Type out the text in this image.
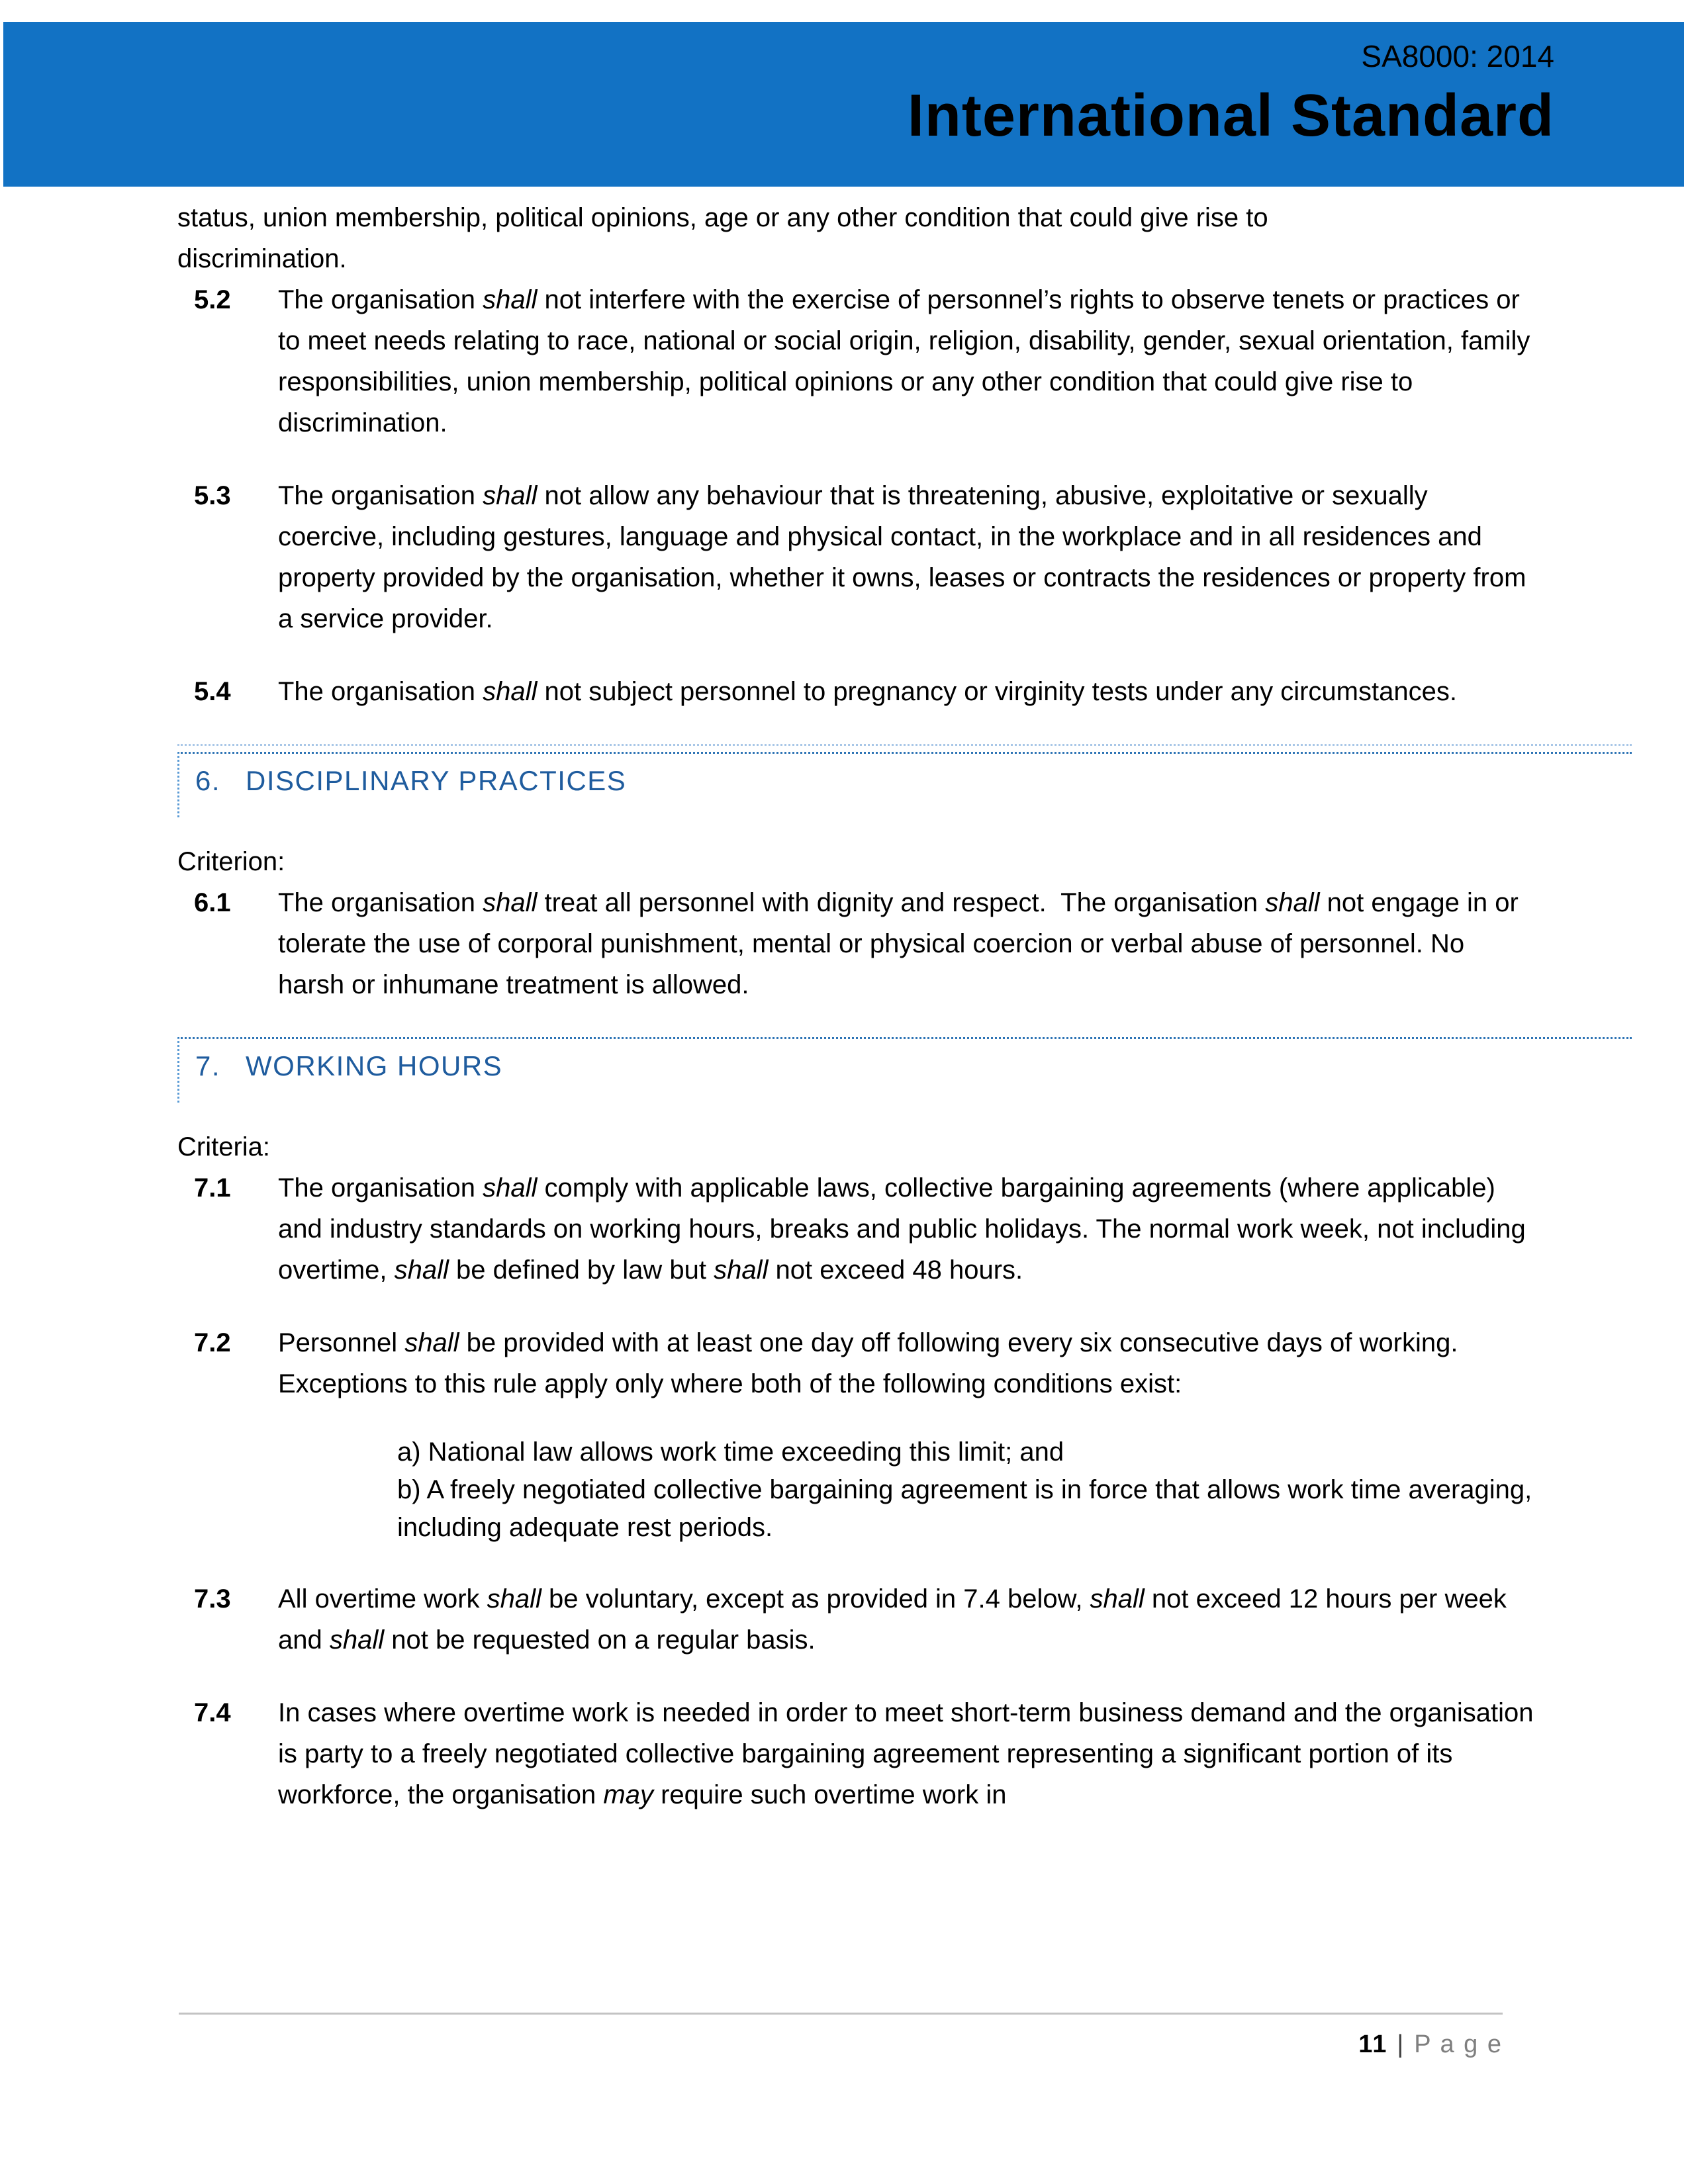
SA8000: 2014
International Standard

status, union membership, political opinions, age or any other condition that could give rise to discrimination.

5.2	The organisation shall not interfere with the exercise of personnel’s rights to observe tenets or practices or to meet needs relating to race, national or social origin, religion, disability, gender, sexual orientation, family responsibilities, union membership, political opinions or any other condition that could give rise to discrimination.
5.3	The organisation shall not allow any behaviour that is threatening, abusive, exploitative or sexually coercive, including gestures, language and physical contact, in the workplace and in all residences and property provided by the organisation, whether it owns, leases or contracts the residences or property from a service provider.
5.4	The organisation shall not subject personnel to pregnancy or virginity tests under any circumstances.
6. DISCIPLINARY PRACTICES

Criterion:

6.1	The organisation shall treat all personnel with dignity and respect.  The organisation shall not engage in or tolerate the use of corporal punishment, mental or physical coercion or verbal abuse of personnel. No harsh or inhumane treatment is allowed.
7. WORKING HOURS

Criteria:

7.1	The organisation shall comply with applicable laws, collective bargaining agreements (where applicable) and industry standards on working hours, breaks and public holidays. The normal work week, not including overtime, shall be defined by law but shall not exceed 48 hours.
7.2	Personnel shall be provided with at least one day off following every six consecutive days of working. Exceptions to this rule apply only where both of the following conditions exist:

a) National law allows work time exceeding this limit; and

b) A freely negotiated collective bargaining agreement is in force that allows work time averaging, including adequate rest periods.

7.3	All overtime work shall be voluntary, except as provided in 7.4 below, shall not exceed 12 hours per week and shall not be requested on a regular basis.
7.4	In cases where overtime work is needed in order to meet short-term business demand and the organisation is party to a freely negotiated collective bargaining agreement representing a significant portion of its workforce, the organisation may require such overtime work in
11 | P a g e
